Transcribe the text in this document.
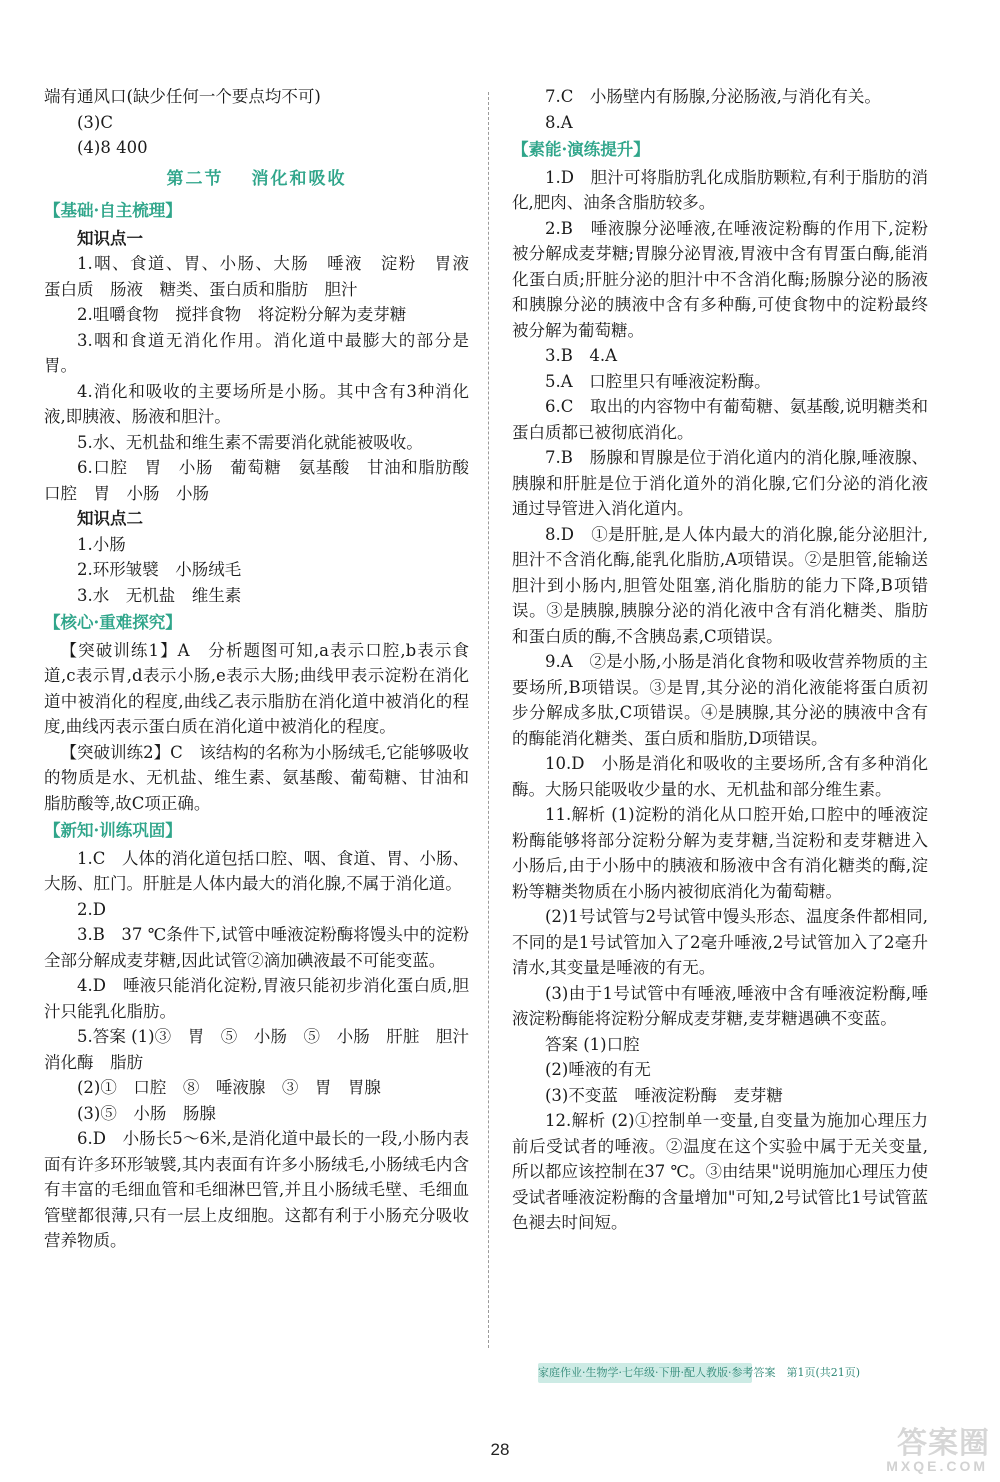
端有通风口(缺少任何一个要点均不可)

(3)C

(4)8 400

第二节 消化和吸收

【基础·自主梳理】

知识点一

1.咽、食道、胃、小肠、大肠　唾液　淀粉　胃液　蛋白质　肠液　糖类、蛋白质和脂肪　胆汁

2.咀嚼食物　搅拌食物　将淀粉分解为麦芽糖

3.咽和食道无消化作用。消化道中最膨大的部分是胃。

4.消化和吸收的主要场所是小肠。其中含有3种消化液,即胰液、肠液和胆汁。

5.水、无机盐和维生素不需要消化就能被吸收。

6.口腔　胃　小肠　葡萄糖　氨基酸　甘油和脂肪酸　口腔　胃　小肠　小肠

知识点二

1.小肠

2.环形皱襞　小肠绒毛

3.水　无机盐　维生素

【核心·重难探究】

【突破训练1】A　分析题图可知,a表示口腔,b表示食道,c表示胃,d表示小肠,e表示大肠;曲线甲表示淀粉在消化道中被消化的程度,曲线乙表示脂肪在消化道中被消化的程度,曲线丙表示蛋白质在消化道中被消化的程度。

【突破训练2】C　该结构的名称为小肠绒毛,它能够吸收的物质是水、无机盐、维生素、氨基酸、葡萄糖、甘油和脂肪酸等,故C项正确。

【新知·训练巩固】

1.C　人体的消化道包括口腔、咽、食道、胃、小肠、大肠、肛门。肝脏是人体内最大的消化腺,不属于消化道。

2.D

3.B　37 ℃条件下,试管中唾液淀粉酶将馒头中的淀粉全部分解成麦芽糖,因此试管②滴加碘液最不可能变蓝。

4.D　唾液只能消化淀粉,胃液只能初步消化蛋白质,胆汁只能乳化脂肪。

5.答案 (1)③　胃　⑤　小肠　⑤　小肠　肝脏　胆汁　消化酶　脂肪

(2)①　口腔　⑧　唾液腺　③　胃　胃腺

(3)⑤　小肠　肠腺

6.D　小肠长5～6米,是消化道中最长的一段,小肠内表面有许多环形皱襞,其内表面有许多小肠绒毛,小肠绒毛内含有丰富的毛细血管和毛细淋巴管,并且小肠绒毛壁、毛细血管壁都很薄,只有一层上皮细胞。这都有利于小肠充分吸收营养物质。

7.C　小肠壁内有肠腺,分泌肠液,与消化有关。

8.A

【素能·演练提升】

1.D　胆汁可将脂肪乳化成脂肪颗粒,有利于脂肪的消化,肥肉、油条含脂肪较多。

2.B　唾液腺分泌唾液,在唾液淀粉酶的作用下,淀粉被分解成麦芽糖;胃腺分泌胃液,胃液中含有胃蛋白酶,能消化蛋白质;肝脏分泌的胆汁中不含消化酶;肠腺分泌的肠液和胰腺分泌的胰液中含有多种酶,可使食物中的淀粉最终被分解为葡萄糖。

3.B　4.A

5.A　口腔里只有唾液淀粉酶。

6.C　取出的内容物中有葡萄糖、氨基酸,说明糖类和蛋白质都已被彻底消化。

7.B　肠腺和胃腺是位于消化道内的消化腺,唾液腺、胰腺和肝脏是位于消化道外的消化腺,它们分泌的消化液通过导管进入消化道内。

8.D　①是肝脏,是人体内最大的消化腺,能分泌胆汁,胆汁不含消化酶,能乳化脂肪,A项错误。②是胆管,能输送胆汁到小肠内,胆管处阻塞,消化脂肪的能力下降,B项错误。③是胰腺,胰腺分泌的消化液中含有消化糖类、脂肪和蛋白质的酶,不含胰岛素,C项错误。

9.A　②是小肠,小肠是消化食物和吸收营养物质的主要场所,B项错误。③是胃,其分泌的消化液能将蛋白质初步分解成多肽,C项错误。④是胰腺,其分泌的胰液中含有的酶能消化糖类、蛋白质和脂肪,D项错误。

10.D　小肠是消化和吸收的主要场所,含有多种消化酶。大肠只能吸收少量的水、无机盐和部分维生素。

11.解析 (1)淀粉的消化从口腔开始,口腔中的唾液淀粉酶能够将部分淀粉分解为麦芽糖,当淀粉和麦芽糖进入小肠后,由于小肠中的胰液和肠液中含有消化糖类的酶,淀粉等糖类物质在小肠内被彻底消化为葡萄糖。

(2)1号试管与2号试管中馒头形态、温度条件都相同,不同的是1号试管加入了2毫升唾液,2号试管加入了2毫升清水,其变量是唾液的有无。

(3)由于1号试管中有唾液,唾液中含有唾液淀粉酶,唾液淀粉酶能将淀粉分解成麦芽糖,麦芽糖遇碘不变蓝。

答案 (1)口腔

(2)唾液的有无

(3)不变蓝　唾液淀粉酶　麦芽糖

12.解析 (2)①控制单一变量,自变量为施加心理压力前后受试者的唾液。②温度在这个实验中属于无关变量,所以都应该控制在37 ℃。③由结果"说明施加心理压力使受试者唾液淀粉酶的含量增加"可知,2号试管比1号试管蓝色褪去时间短。

家庭作业·生物学·七年级·下册·配人教版·参考答案　第1页(共21页)
28	答案圈
MXQE.COM
